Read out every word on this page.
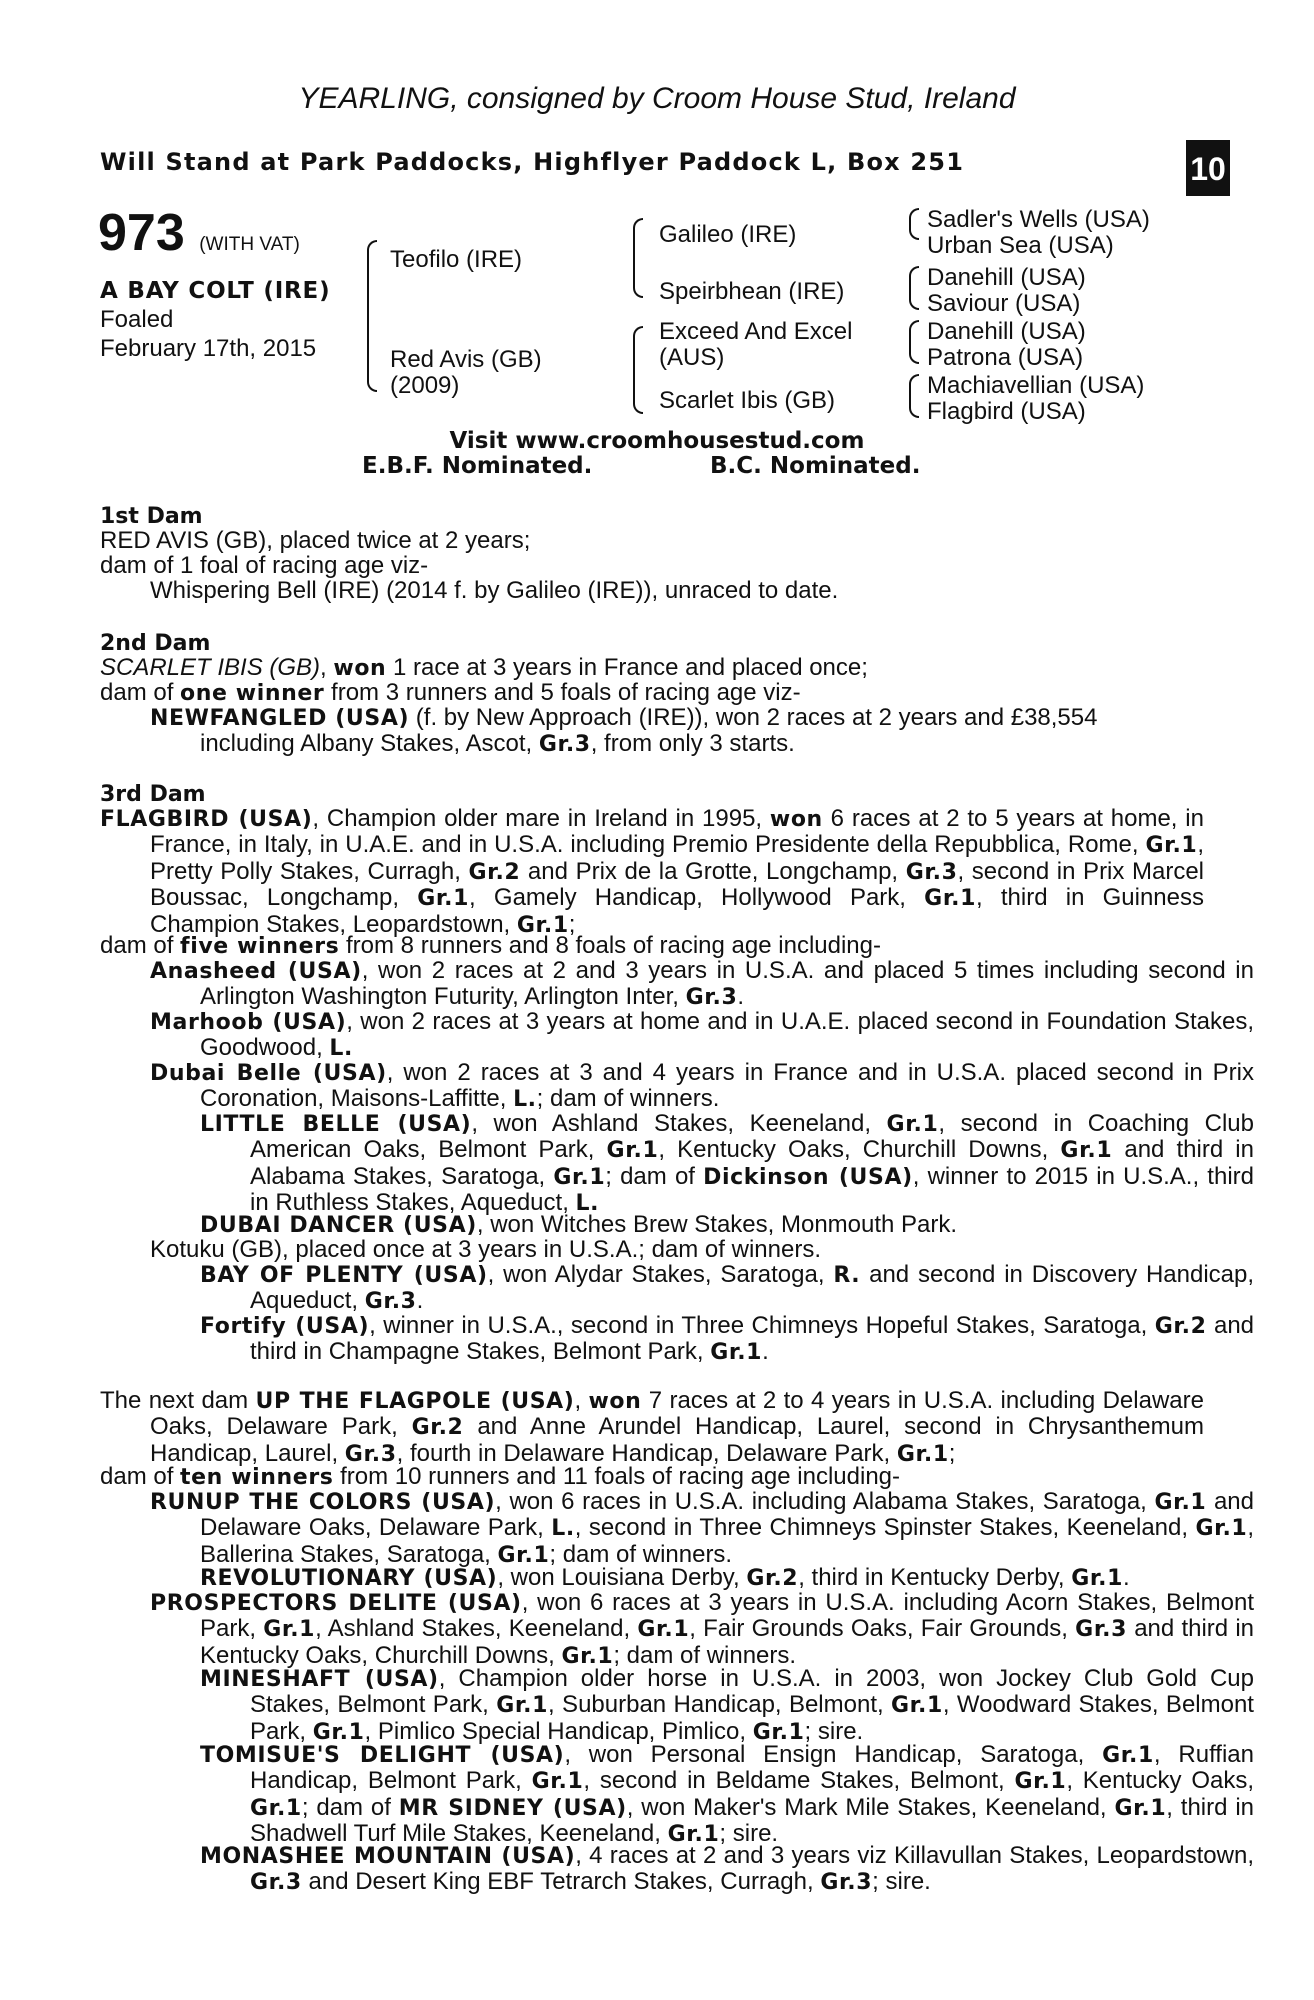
YEARLING, consigned by Croom House Stud, Ireland
Will Stand at Park Paddocks, Highflyer Paddock L, Box 251
+
10
973 (WITH VAT)
A BAY COLT (IRE)
Foaled
February 17th, 2015
Teofilo (IRE)
Red Avis (GB)
(2009)
Galileo (IRE)
Speirbhean (IRE)
Exceed And Excel
(AUS)
Scarlet Ibis (GB)
Sadler's Wells (USA)
Urban Sea (USA)
Danehill (USA)
Saviour (USA)
Danehill (USA)
Patrona (USA)
Machiavellian (USA)
Flagbird (USA)
Visit www.croomhousestud.com
E.B.F. Nominated.	B.C. Nominated.
1st Dam
RED AVIS (GB), placed twice at 2 years;
dam of 1 foal of racing age viz-
Whispering Bell (IRE) (2014 f. by Galileo (IRE)), unraced to date.
2nd Dam
SCARLET IBIS (GB), won 1 race at 3 years in France and placed once;
dam of one winner from 3 runners and 5 foals of racing age viz-
NEWFANGLED (USA) (f. by New Approach (IRE)), won 2 races at 2 years and £38,554
including Albany Stakes, Ascot, Gr.3, from only 3 starts.
3rd Dam
FLAGBIRD (USA), Champion older mare in Ireland in 1995, won 6 races at 2 to 5 years at home, in France, in Italy, in U.A.E. and in U.S.A. including Premio Presidente della Repubblica, Rome, Gr.1, Pretty Polly Stakes, Curragh, Gr.2 and Prix de la Grotte, Longchamp, Gr.3, second in Prix Marcel Boussac, Longchamp, Gr.1, Gamely Handicap, Hollywood Park, Gr.1, third in Guinness Champion Stakes, Leopardstown, Gr.1;
dam of five winners from 8 runners and 8 foals of racing age including-
Anasheed (USA), won 2 races at 2 and 3 years in U.S.A. and placed 5 times including second in Arlington Washington Futurity, Arlington Inter, Gr.3.
Marhoob (USA), won 2 races at 3 years at home and in U.A.E. placed second in Foundation Stakes, Goodwood, L.
Dubai Belle (USA), won 2 races at 3 and 4 years in France and in U.S.A. placed second in Prix Coronation, Maisons-Laffitte, L.; dam of winners.
LITTLE BELLE (USA), won Ashland Stakes, Keeneland, Gr.1, second in Coaching Club American Oaks, Belmont Park, Gr.1, Kentucky Oaks, Churchill Downs, Gr.1 and third in Alabama Stakes, Saratoga, Gr.1; dam of Dickinson (USA), winner to 2015 in U.S.A., third in Ruthless Stakes, Aqueduct, L.
DUBAI DANCER (USA), won Witches Brew Stakes, Monmouth Park.
Kotuku (GB), placed once at 3 years in U.S.A.; dam of winners.
BAY OF PLENTY (USA), won Alydar Stakes, Saratoga, R. and second in Discovery Handicap, Aqueduct, Gr.3.
Fortify (USA), winner in U.S.A., second in Three Chimneys Hopeful Stakes, Saratoga, Gr.2 and third in Champagne Stakes, Belmont Park, Gr.1.
The next dam UP THE FLAGPOLE (USA), won 7 races at 2 to 4 years in U.S.A. including Delaware Oaks, Delaware Park, Gr.2 and Anne Arundel Handicap, Laurel, second in Chrysanthemum Handicap, Laurel, Gr.3, fourth in Delaware Handicap, Delaware Park, Gr.1;
dam of ten winners from 10 runners and 11 foals of racing age including-
RUNUP THE COLORS (USA), won 6 races in U.S.A. including Alabama Stakes, Saratoga, Gr.1 and Delaware Oaks, Delaware Park, L., second in Three Chimneys Spinster Stakes, Keeneland, Gr.1, Ballerina Stakes, Saratoga, Gr.1; dam of winners.
REVOLUTIONARY (USA), won Louisiana Derby, Gr.2, third in Kentucky Derby, Gr.1.
PROSPECTORS DELITE (USA), won 6 races at 3 years in U.S.A. including Acorn Stakes, Belmont Park, Gr.1, Ashland Stakes, Keeneland, Gr.1, Fair Grounds Oaks, Fair Grounds, Gr.3 and third in Kentucky Oaks, Churchill Downs, Gr.1; dam of winners.
MINESHAFT (USA), Champion older horse in U.S.A. in 2003, won Jockey Club Gold Cup Stakes, Belmont Park, Gr.1, Suburban Handicap, Belmont, Gr.1, Woodward Stakes, Belmont Park, Gr.1, Pimlico Special Handicap, Pimlico, Gr.1; sire.
TOMISUE'S DELIGHT (USA), won Personal Ensign Handicap, Saratoga, Gr.1, Ruffian Handicap, Belmont Park, Gr.1, second in Beldame Stakes, Belmont, Gr.1, Kentucky Oaks, Gr.1; dam of MR SIDNEY (USA), won Maker's Mark Mile Stakes, Keeneland, Gr.1, third in Shadwell Turf Mile Stakes, Keeneland, Gr.1; sire.
MONASHEE MOUNTAIN (USA), 4 races at 2 and 3 years viz Killavullan Stakes, Leopardstown, Gr.3 and Desert King EBF Tetrarch Stakes, Curragh, Gr.3; sire.
